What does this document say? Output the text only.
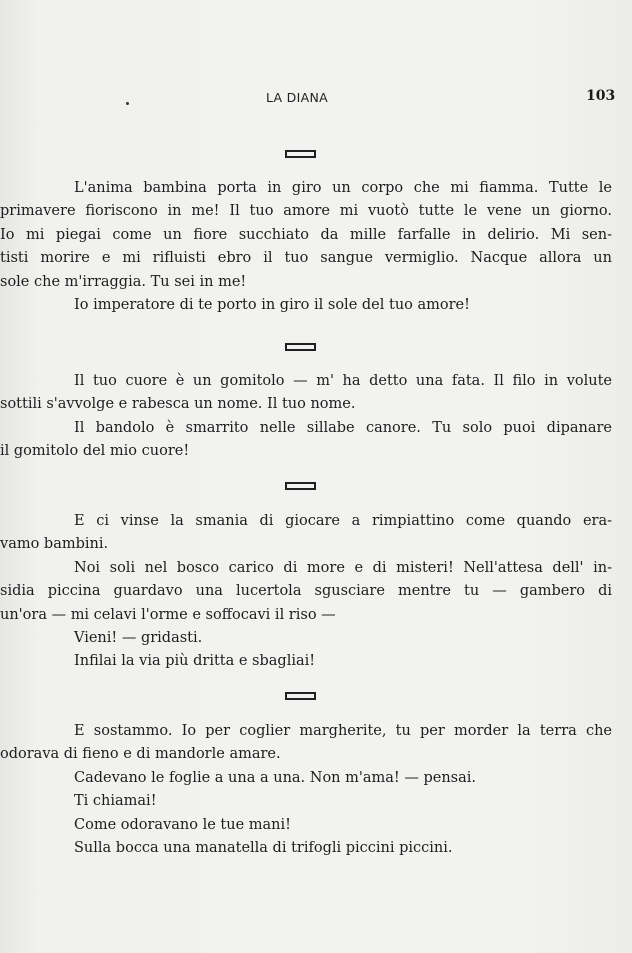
LA DIANA	103
L'anima bambina porta in giro un corpo che mi fiamma. Tutte le
primavere fioriscono in me! Il tuo amore mi vuotò tutte le vene un giorno.
Io mi piegai come un fiore succhiato da mille farfalle in delirio. Mi sen-
tisti morire e mi rifluisti ebro il tuo sangue vermiglio. Nacque allora un
sole che m'irraggia. Tu sei in me!
Io imperatore di te porto in giro il sole del tuo amore!
Il tuo cuore è un gomitolo — m' ha detto una fata. Il filo in volute
sottili s'avvolge e rabesca un nome. Il tuo nome.
Il bandolo è smarrito nelle sillabe canore. Tu solo puoi dipanare
il gomitolo del mio cuore!
E ci vinse la smania di giocare a rimpiattino come quando era-
vamo bambini.
Noi soli nel bosco carico di more e di misteri! Nell'attesa dell' in-
sidia piccina guardavo una lucertola sgusciare mentre tu — gambero di
un'ora — mi celavi l'orme e soffocavi il riso —
Vieni! — gridasti.
Infilai la via più dritta e sbagliai!
E sostammo. Io per coglier margherite, tu per morder la terra che
odorava di fieno e di mandorle amare.
Cadevano le foglie a una a una. Non m'ama! — pensai.
Ti chiamai!
Come odoravano le tue mani!
Sulla bocca una manatella di trifogli piccini piccini.
